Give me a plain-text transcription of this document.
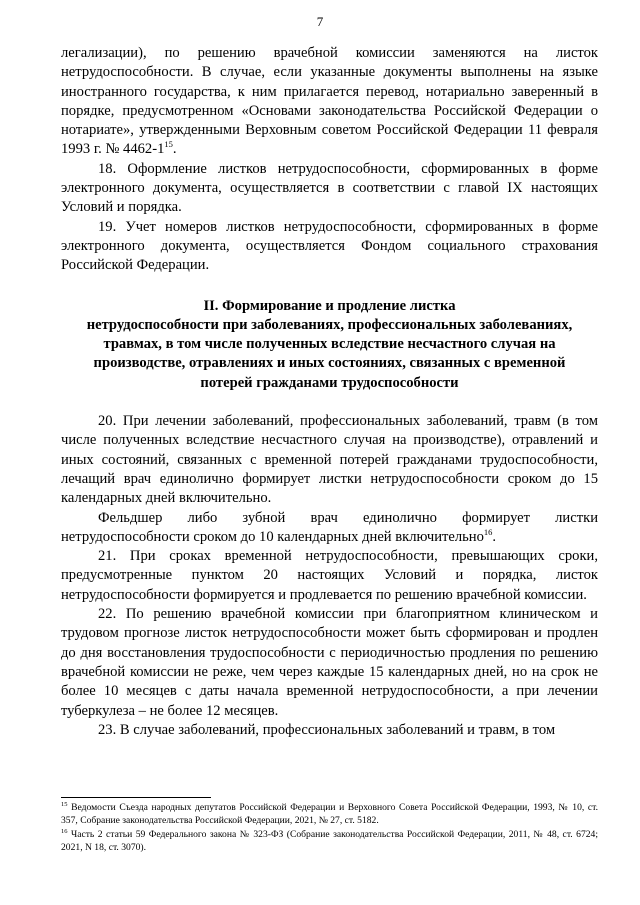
7

легализации), по решению врачебной комиссии заменяются на листок нетрудоспособности. В случае, если указанные документы выполнены на языке иностранного государства, к ним прилагается перевод, нотариально заверенный в порядке, предусмотренном «Основами законодательства Российской Федерации о нотариате», утвержденными Верховным советом Российской Федерации 11 февраля 1993 г. № $4462-1^{15}$.

18. Оформление листков нетрудоспособности, сформированных в форме электронного документа, осуществляется в соответствии с главой IX настоящих Условий и порядка.

19. Учет номеров листков нетрудоспособности, сформированных в форме электронного документа, осуществляется Фондом социального страхования Российской Федерации.

II. Формирование и продление листка
нетрудоспособности при заболеваниях, профессиональных заболеваниях,
травмах, в том числе полученных вследствие несчастного случая на
производстве, отравлениях и иных состояниях, связанных с временной
потерей гражданами трудоспособности

20. При лечении заболеваний, профессиональных заболеваний, травм (в том числе полученных вследствие несчастного случая на производстве), отравлений и иных состояний, связанных с временной потерей гражданами трудоспособности, лечащий врач единолично формирует листки нетрудоспособности сроком до 15 календарных дней включительно.

Фельдшер либо зубной врач единолично формирует листки нетрудоспособности сроком до 10 календарных дней включительно$^{16}$.

21. При сроках временной нетрудоспособности, превышающих сроки, предусмотренные пунктом 20 настоящих Условий и порядка, листок нетрудоспособности формируется и продлевается по решению врачебной комиссии.

22. По решению врачебной комиссии при благоприятном клиническом и трудовом прогнозе листок нетрудоспособности может быть сформирован и продлен до дня восстановления трудоспособности с периодичностью продления по решению врачебной комиссии не реже, чем через каждые 15 календарных дней, но на срок не более 10 месяцев с даты начала временной нетрудоспособности, а при лечении туберкулеза – не более 12 месяцев.

23. В случае заболеваний, профессиональных заболеваний и травм, в том

$^{15}$ Ведомости Съезда народных депутатов Российской Федерации и Верховного Совета Российской Федерации, 1993, № 10, ст. 357, Собрание законодательства Российской Федерации, 2021, № 27, ст. 5182.

$^{16}$ Часть 2 статьи 59 Федерального закона № 323-ФЗ (Собрание законодательства Российской Федерации, 2011, № 48, ст. 6724; 2021, N 18, ст. 3070).
